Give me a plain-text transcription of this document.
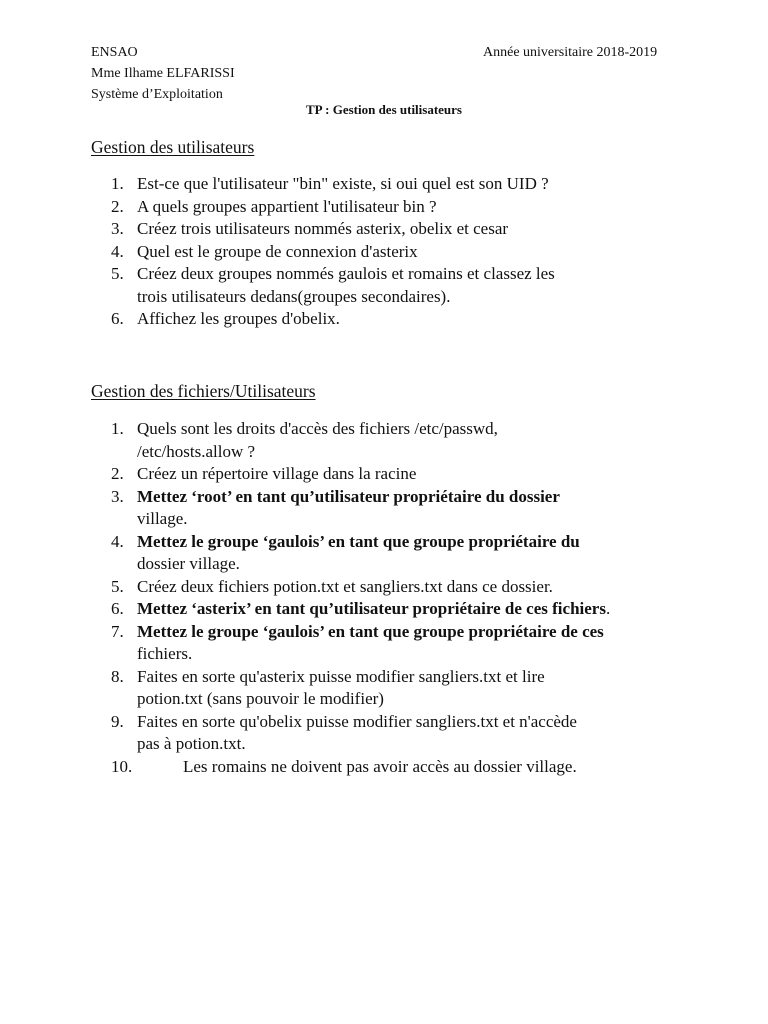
ENSAO
Mme Ilhame ELFARISSI
Système d’Exploitation
Année universitaire 2018-2019
TP : Gestion des utilisateurs
Gestion des utilisateurs
1. Est-ce que l'utilisateur "bin" existe, si oui quel est son UID ?
2. A quels groupes appartient l'utilisateur bin ?
3. Créez trois utilisateurs nommés asterix, obelix et cesar
4. Quel est le groupe de connexion d'asterix
5. Créez deux groupes nommés gaulois et romains et classez les
trois utilisateurs dedans(groupes secondaires).
6. Affichez les groupes d'obelix.
Gestion des fichiers/Utilisateurs
1. Quels sont les droits d'accès des fichiers /etc/passwd,
/etc/hosts.allow ?
2. Créez un répertoire village dans la racine
3. Mettez ‘root’ en tant qu’utilisateur propriétaire du dossier
village.
4. Mettez le groupe ‘gaulois’ en tant que groupe propriétaire du
dossier village.
5. Créez deux fichiers potion.txt et sangliers.txt dans ce dossier.
6. Mettez ‘asterix’ en tant qu’utilisateur propriétaire de ces fichiers.
7. Mettez le groupe ‘gaulois’ en tant que groupe propriétaire de ces
fichiers.
8. Faites en sorte qu'asterix puisse modifier sangliers.txt et lire
potion.txt (sans pouvoir le modifier)
9. Faites en sorte qu'obelix puisse modifier sangliers.txt et n'accède
pas à potion.txt.
10.	Les romains ne doivent pas avoir accès au dossier village.
